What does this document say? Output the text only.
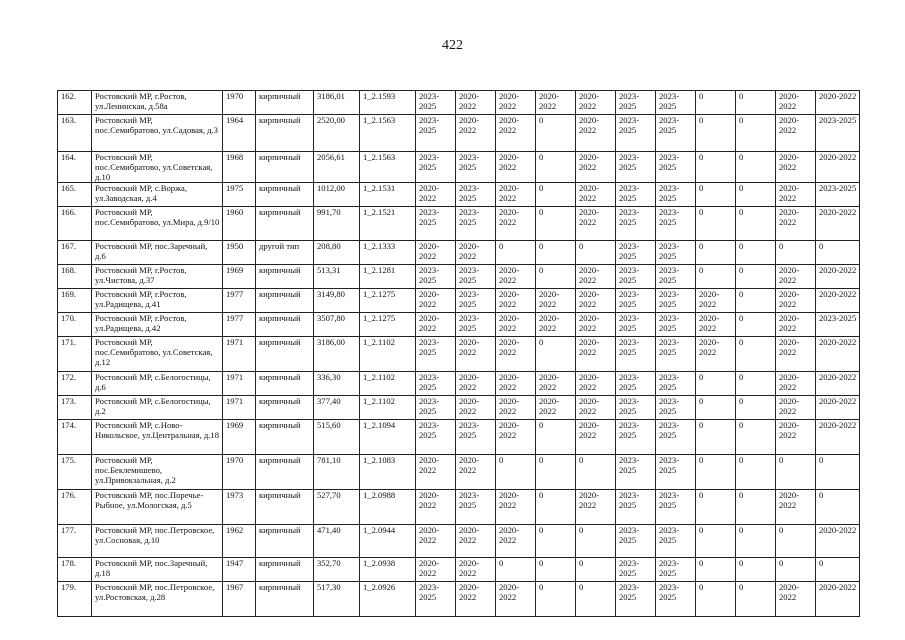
422
162.	Ростовский МР, г.Ростов, ул.Ленинская, д.58а	1970	кирпичный	3186,01	1_2.1593	2023-2025	2020-2022	2020-2022	2020-2022	2020-2022	2023-2025	2023-2025	0	0	2020-2022	2020-2022
163.	Ростовский МР, пос.Семибратово, ул.Садовая, д.3	1964	кирпичный	2520,00	1_2.1563	2023-2025	2020-2022	2020-2022	0	2020-2022	2023-2025	2023-2025	0	0	2020-2022	2023-2025
164.	Ростовский МР, пос.Семибратово, ул.Советская, д.10	1968	кирпичный	2056,61	1_2.1563	2023-2025	2023-2025	2020-2022	0	2020-2022	2023-2025	2023-2025	0	0	2020-2022	2020-2022
165.	Ростовский МР, с.Воржа, ул.Заводская, д.4	1975	кирпичный	1012,00	1_2.1531	2020-2022	2023-2025	2020-2022	0	2020-2022	2023-2025	2023-2025	0	0	2020-2022	2023-2025
166.	Ростовский МР, пос.Семибратово, ул.Мира, д.9/10	1960	кирпичный	991,70	1_2.1521	2023-2025	2023-2025	2020-2022	0	2020-2022	2023-2025	2023-2025	0	0	2020-2022	2020-2022
167.	Ростовский МР, пос.Заречный, д.6	1950	другой тип	208,80	1_2.1333	2020-2022	2020-2022	0	0	0	2023-2025	2023-2025	0	0	0	0
168.	Ростовский МР, г.Ростов, ул.Чистова, д.37	1969	кирпичный	513,31	1_2.1281	2023-2025	2023-2025	2020-2022	0	2020-2022	2023-2025	2023-2025	0	0	2020-2022	2020-2022
169.	Ростовский МР, г.Ростов, ул.Радищева, д.41	1977	кирпичный	3149,80	1_2.1275	2020-2022	2023-2025	2020-2022	2020-2022	2020-2022	2023-2025	2023-2025	2020-2022	0	2020-2022	2020-2022
170.	Ростовский МР, г.Ростов, ул.Радищева, д.42	1977	кирпичный	3507,80	1_2.1275	2020-2022	2023-2025	2020-2022	2020-2022	2020-2022	2023-2025	2023-2025	2020-2022	0	2020-2022	2023-2025
171.	Ростовский МР, пос.Семибратово, ул.Советская, д.12	1971	кирпичный	3186,00	1_2.1102	2023-2025	2020-2022	2020-2022	0	2020-2022	2023-2025	2023-2025	2020-2022	0	2020-2022	2020-2022
172.	Ростовский МР, с.Белогостицы, д.6	1971	кирпичный	336,30	1_2.1102	2023-2025	2020-2022	2020-2022	2020-2022	2020-2022	2023-2025	2023-2025	0	0	2020-2022	2020-2022
173.	Ростовский МР, с.Белогостицы, д.2	1971	кирпичный	377,40	1_2.1102	2023-2025	2020-2022	2020-2022	2020-2022	2020-2022	2023-2025	2023-2025	0	0	2020-2022	2020-2022
174.	Ростовский МР, с.Ново-Никольское, ул.Центральная, д.18	1969	кирпичный	515,60	1_2.1094	2023-2025	2023-2025	2020-2022	0	2020-2022	2023-2025	2023-2025	0	0	2020-2022	2020-2022
175.	Ростовский МР, пос.Беклемишево, ул.Привокзальная, д.2	1970	кирпичный	781,10	1_2.1083	2020-2022	2020-2022	0	0	0	2023-2025	2023-2025	0	0	0	0
176.	Ростовский МР, пос.Поречье-Рыбное, ул.Мологская, д.5	1973	кирпичный	527,70	1_2.0988	2020-2022	2023-2025	2020-2022	0	2020-2022	2023-2025	2023-2025	0	0	2020-2022	0
177.	Ростовский МР, пос.Петровское, ул.Сосновая, д.10	1962	кирпичный	471,40	1_2.0944	2020-2022	2020-2022	2020-2022	0	0	2023-2025	2023-2025	0	0	0	2020-2022
178.	Ростовский МР, пос.Заречный, д.18	1947	кирпичный	352,70	1_2.0938	2020-2022	2020-2022	0	0	0	2023-2025	2023-2025	0	0	0	0
179.	Ростовский МР, пос.Петровское, ул.Ростовская, д.28	1967	кирпичный	517,30	1_2.0926	2023-2025	2020-2022	2020-2022	0	0	2023-2025	2023-2025	0	0	2020-2022	2020-2022
